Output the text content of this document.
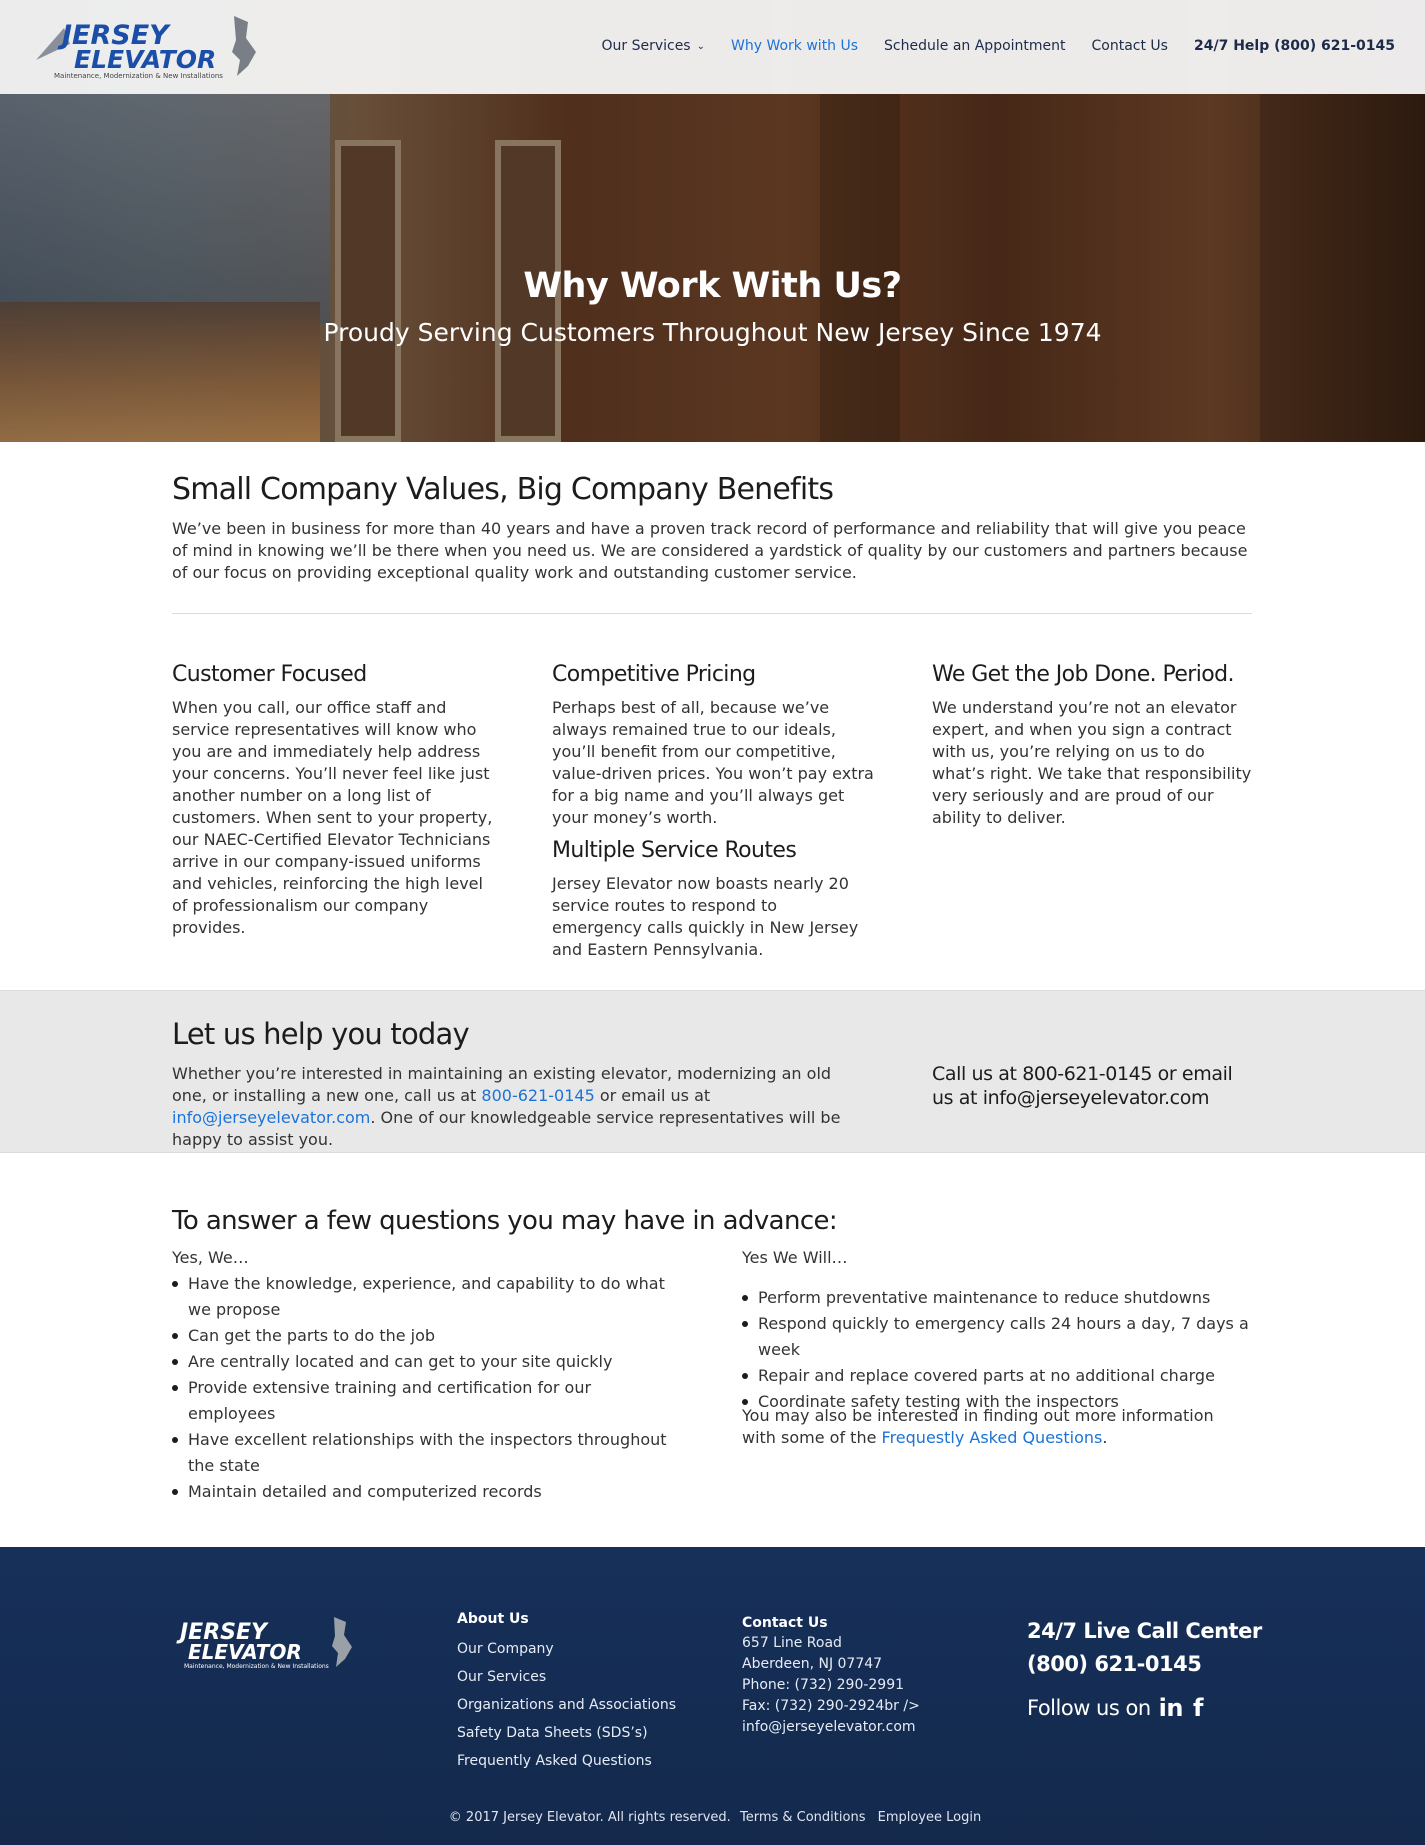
Why Work With Us?
Proudy Serving Customers Throughout New Jersey Since 1974
JERSEY
ELEVATOR
Maintenance, Modernization & New Installations
Our Services ⌄ Why Work with Us Schedule an Appointment Contact Us 24/7 Help (800) 621-0145
Small Company Values, Big Company Benefits

We’ve been in business for more than 40 years and have a proven track record of performance and reliability that will give you peace of mind in knowing we’ll be there when you need us. We are considered a yardstick of quality by our customers and partners because of our focus on providing exceptional quality work and outstanding customer service.

Customer Focused

When you call, our office staff and service representatives will know who you are and immediately help address your concerns. You’ll never feel like just another number on a long list of customers. When sent to your property, our NAEC-Certified Elevator Technicians arrive in our company-issued uniforms and vehicles, reinforcing the high level of professionalism our company provides.

Competitive Pricing

Perhaps best of all, because we’ve always remained true to our ideals, you’ll benefit from our competitive, value-driven prices. You won’t pay extra for a big name and you’ll always get your money’s worth.

We Get the Job Done. Period.

We understand you’re not an elevator expert, and when you sign a contract with us, you’re relying on us to do what’s right. We take that responsibility very seriously and are proud of our ability to deliver.

Multiple Service Routes

Jersey Elevator now boasts nearly 20 service routes to respond to emergency calls quickly in New Jersey and Eastern Pennsylvania.

Let us help you today

Whether you’re interested in maintaining an existing elevator, modernizing an old one, or installing a new one, call us at 800-621-0145 or email us at info@jerseyelevator.com. One of our knowledgeable service representatives will be happy to assist you.

Call us at 800-621-0145 or email us at info@jerseyelevator.com
To answer a few questions you may have in advance:
Yes, We…
Have the knowledge, experience, and capability to do what we propose
Can get the parts to do the job
Are centrally located and can get to your site quickly
Provide extensive training and certification for our employees
Have excellent relationships with the inspectors throughout the state
Maintain detailed and computerized records
Yes We Will…
Perform preventative maintenance to reduce shutdowns
Respond quickly to emergency calls 24 hours a day, 7 days a week
Repair and replace covered parts at no additional charge
Coordinate safety testing with the inspectors

You may also be interested in finding out more information with some of the Frequestly Asked Questions.

JERSEY
ELEVATOR
Maintenance, Modernization & New Installations
About Us
Our Company
Our Services
Organizations and Associations
Safety Data Sheets (SDS’s)
Frequently Asked Questions
Contact Us
657 Line Road
Aberdeen, NJ 07747
Phone: (732) 290-2991
Fax: (732) 290-2924br />
info@jerseyelevator.com
24/7 Live Call Center
(800) 621-0145
Follow us on in f
© 2017 Jersey Elevator. All rights reserved. Terms & Conditions Employee Login
